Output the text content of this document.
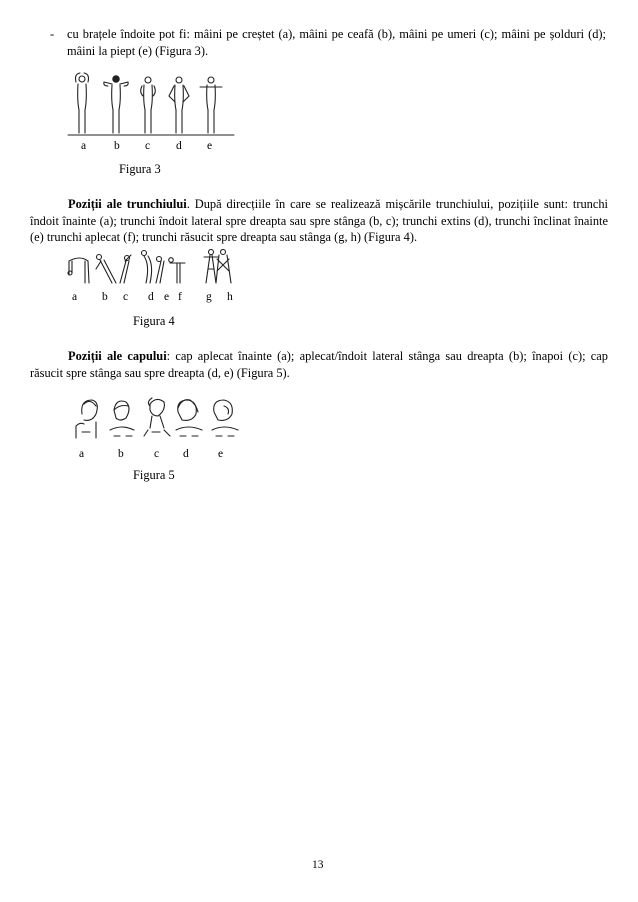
- cu brațele îndoite pot fi: mâini pe creștet (a), mâini pe ceafă (b), mâini pe umeri (c); mâini pe șolduri (d); mâini la piept (e) (Figura 3).
a b c d e
Figura 3
Poziții ale trunchiului. După direcțiile în care se realizează mișcările trunchiului, pozițiile sunt: trunchi îndoit înainte (a); trunchi îndoit lateral spre dreapta sau spre stânga (b, c); trunchi extins (d), trunchi înclinat înainte (e) trunchi aplecat (f); trunchi răsucit spre dreapta sau stânga (g, h) (Figura 4).
a b c d e f g h
Figura 4
Poziții ale capului: cap aplecat înainte (a); aplecat/îndoit lateral stânga sau dreapta (b); înapoi (c); cap răsucit spre stânga sau spre dreapta (d, e) (Figura 5).
a	b	c d	e
Figura 5
13
